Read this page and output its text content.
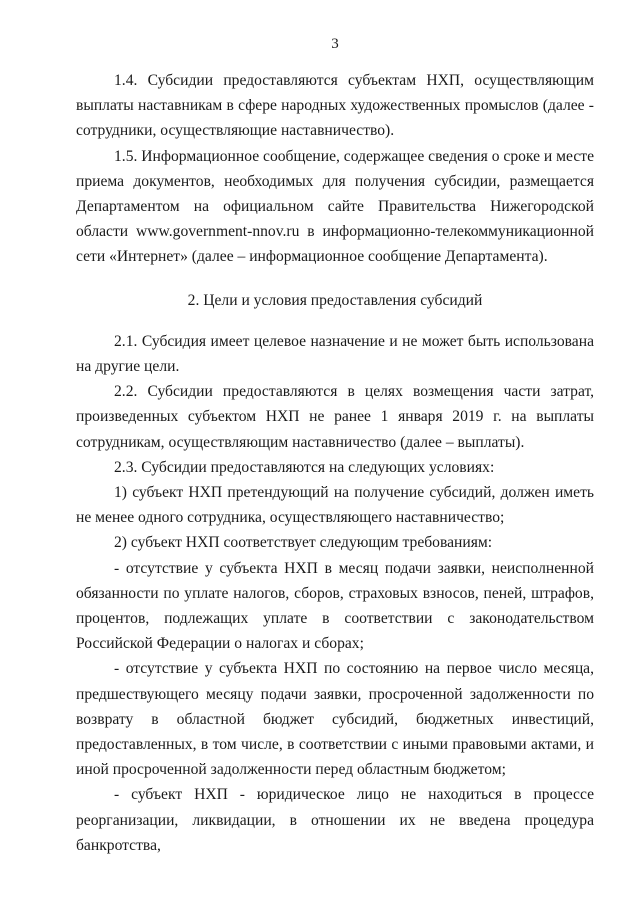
3

1.4. Субсидии предоставляются субъектам НХП, осуществляющим выплаты наставникам в сфере народных художественных промыслов (далее - сотрудники, осуществляющие наставничество).

1.5. Информационное сообщение, содержащее сведения о сроке и месте приема документов, необходимых для получения субсидии, размещается Департаментом на официальном сайте Правительства Нижегородской области www.government-nnov.ru в информационно-телекоммуникационной сети «Интернет» (далее – информационное сообщение Департамента).

2. Цели и условия предоставления субсидий

2.1. Субсидия имеет целевое назначение и не может быть использована на другие цели.

2.2. Субсидии предоставляются в целях возмещения части затрат, произведенных субъектом НХП не ранее 1 января 2019 г. на выплаты сотрудникам, осуществляющим наставничество (далее – выплаты).

2.3. Субсидии предоставляются на следующих условиях:

1) субъект НХП претендующий на получение субсидий, должен иметь не менее одного сотрудника, осуществляющего наставничество;

2) субъект НХП соответствует следующим требованиям:

- отсутствие у субъекта НХП в месяц подачи заявки, неисполненной обязанности по уплате налогов, сборов, страховых взносов, пеней, штрафов, процентов, подлежащих уплате в соответствии с законодательством Российской Федерации о налогах и сборах;

- отсутствие у субъекта НХП по состоянию на первое число месяца, предшествующего месяцу подачи заявки, просроченной задолженности по возврату в областной бюджет субсидий, бюджетных инвестиций, предоставленных, в том числе, в соответствии с иными правовыми актами, и иной просроченной задолженности перед областным бюджетом;

- субъект НХП - юридическое лицо не находиться в процессе реорганизации, ликвидации, в отношении их не введена процедура банкротства,
